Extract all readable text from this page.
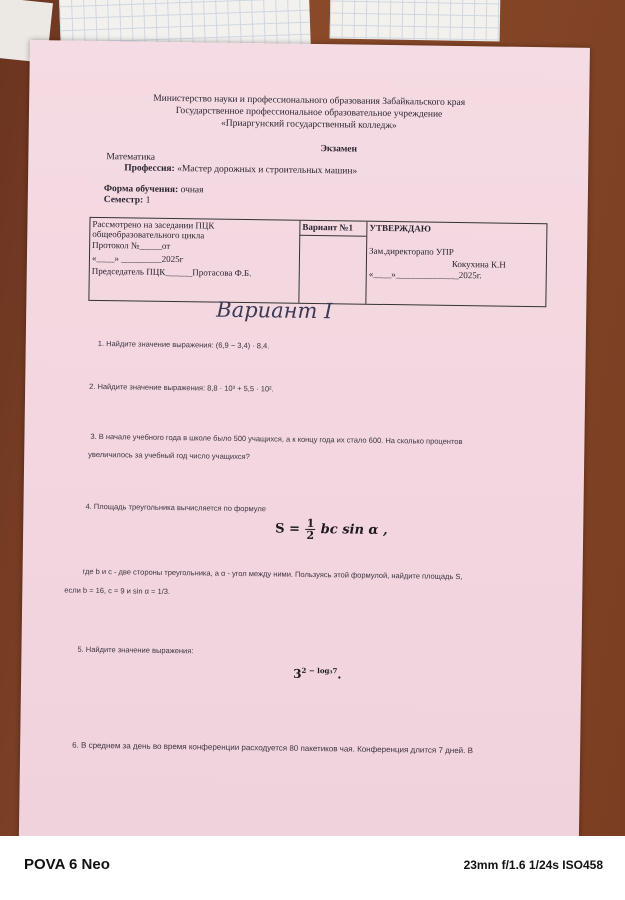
Министерство науки и профессионального образования Забайкальского края
Государственное профессиональное образовательное учреждение
«Приаргунский государственный колледж»
Экзамен
Математика
Профессия: «Мастер дорожных и строительных машин»
Форма обучения: очная
Семестр: 1
Рассмотрено на заседании ПЦК
общеобразовательного цикла
Протокол №_____от
«____» _________2025г
Председатель ПЦК______Протасова Ф.Б.
Вариант №1 УТВЕРЖДАЮ
Зам.директорапо УПР
Кокухина К.Н
«____»______________2025г.
Вариант I
1. Найдите значение выражения: (6,9 − 3,4) · 8,4.
2. Найдите значение выражения: 8,8 · 10³ + 5,5 · 10².
3. В начале учебного года в школе было 500 учащихся, а к концу года их стало 600. На сколько процентов
увеличилось за учебный год число учащихся?
4. Площадь треугольника вычисляется по формуле
$S = \frac{1}{2}$ bc sin α ,
где b и c - две стороны треугольника, а α - угол между ними. Пользуясь этой формулой, найдите площадь S,
если b = 16, c = 9 и sin α = 1/3.
5. Найдите значение выражения:
$3^{2 - log_37}$.
6. В среднем за день во время конференции расходуется 80 пакетиков чая. Конференция длится 7 дней. В
POVA 6 Neo	23mm f/1.6 1/24s ISO458
